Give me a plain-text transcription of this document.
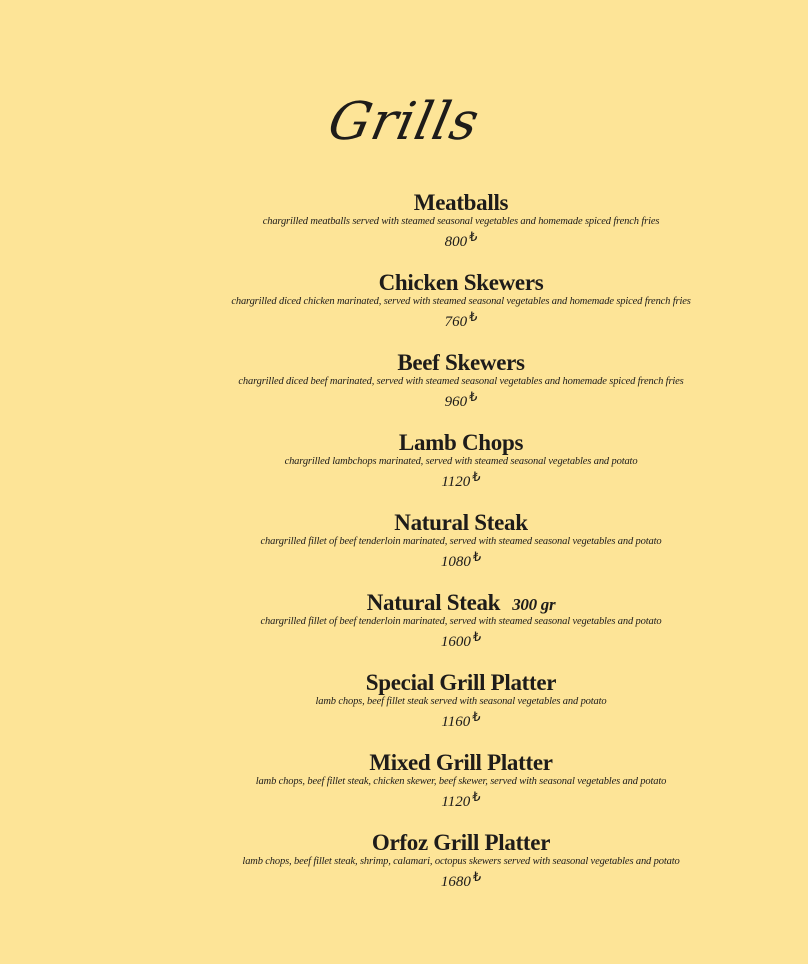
Grills
Meatballs
chargrilled meatballs served with steamed seasonal vegetables and homemade spiced french fries
800 ₺
Chicken Skewers
chargrilled diced chicken marinated, served with steamed seasonal vegetables and homemade spiced french fries
760 ₺
Beef Skewers
chargrilled diced beef marinated, served with steamed seasonal vegetables and homemade spiced french fries
960 ₺
Lamb Chops
chargrilled lambchops marinated, served with steamed seasonal vegetables and potato
1120 ₺
Natural Steak
chargrilled fillet of beef tenderloin marinated, served with steamed seasonal vegetables and potato
1080 ₺
Natural Steak 300 gr
chargrilled fillet of beef tenderloin marinated, served with steamed seasonal vegetables and potato
1600 ₺
Special Grill Platter
lamb chops, beef fillet steak served with seasonal vegetables and potato
1160 ₺
Mixed Grill Platter
lamb chops, beef fillet steak, chicken skewer, beef skewer, served with seasonal vegetables and potato
1120 ₺
Orfoz Grill Platter
lamb chops, beef fillet steak, shrimp, calamari, octopus skewers served with seasonal vegetables and potato
1680 ₺
